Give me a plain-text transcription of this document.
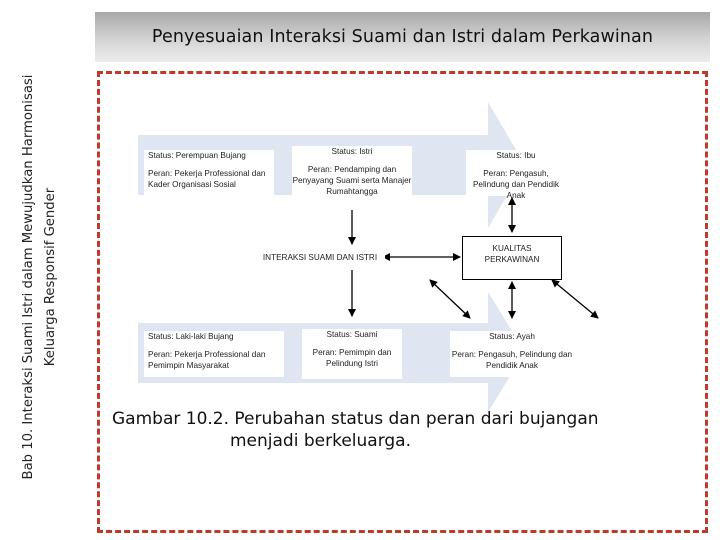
Penyesuaian Interaksi Suami dan Istri dalam Perkawinan
Bab 10. Interaksi Suami Istri dalam Mewujudkan Harmonisasi Keluarga Responsif Gender
Status: Perempuan Bujang
Peran: Pekerja Professional dan Kader Organisasi Sosial
Status: Istri
Peran: Pendamping dan Penyayang Suami serta Manajer Rumahtangga
Status: Ibu
Peran: Pengasuh, Pelindung dan Pendidik Anak
INTERAKSI SUAMI DAN ISTRI
KUALITAS PERKAWINAN
Status: Laki-laki Bujang
Peran: Pekerja Professional dan Pemimpin Masyarakat
Status: Suami
Peran: Pemimpin dan Pelindung Istri
Status: Ayah
Peran: Pengasuh, Pelindung dan Pendidik Anak
Gambar 10.2. Perubahan status dan peran dari bujangan
menjadi berkeluarga.
